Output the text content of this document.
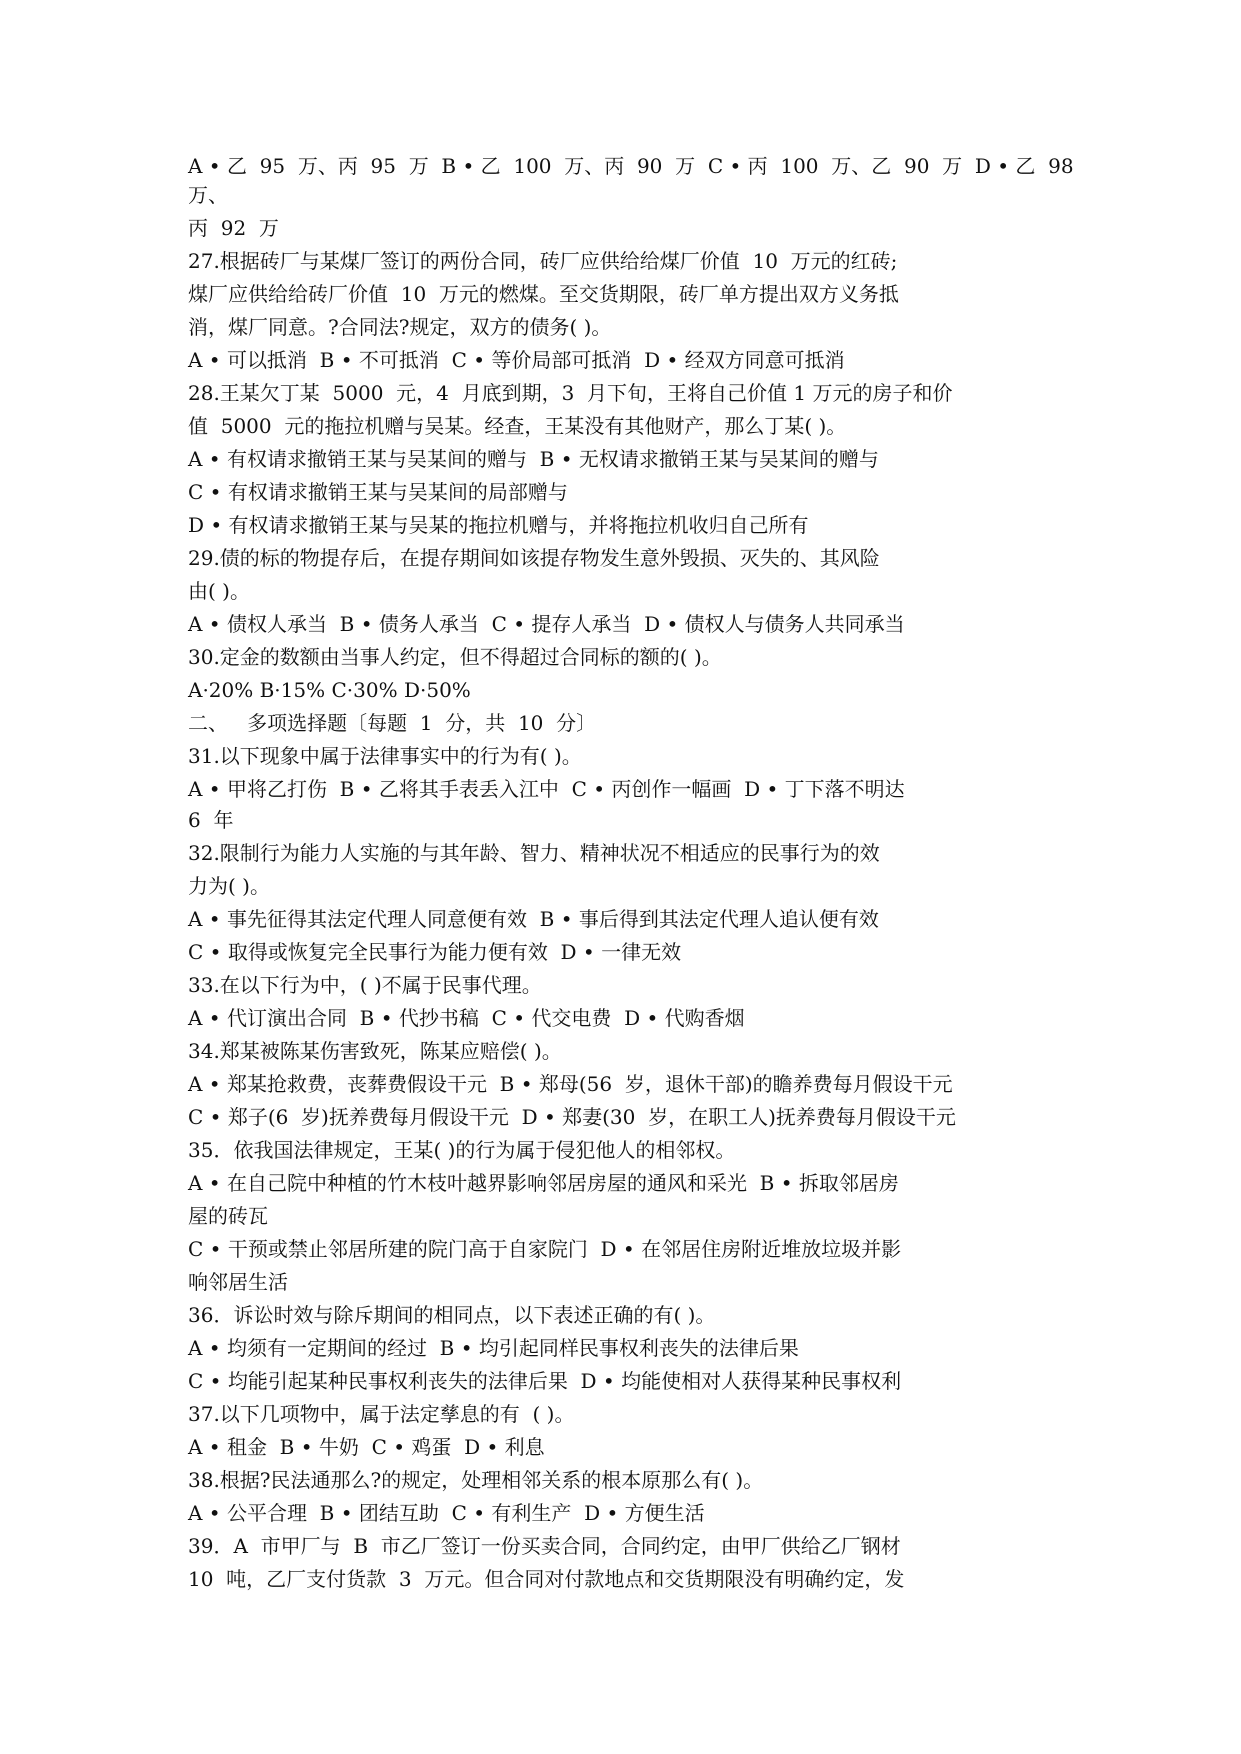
A • 乙  95  万、丙  95  万  B • 乙  100  万、丙  90  万  C • 丙  100  万、乙  90  万  D • 乙  98
万、
丙  92  万
27.根据砖厂与某煤厂签订的两份合同，砖厂应供给给煤厂价值  10  万元的红砖;
煤厂应供给给砖厂价值  10  万元的燃煤。至交货期限，砖厂单方提出双方义务抵
消，煤厂同意。?合同法?规定，双方的债务( )。
A • 可以抵消  B • 不可抵消  C • 等价局部可抵消  D • 经双方同意可抵消
28.王某欠丁某  5000  元，4  月底到期，3  月下旬，王将自己价值 1 万元的房子和价
值  5000  元的拖拉机赠与吴某。经查，王某没有其他财产，那么丁某( )。
A • 有权请求撤销王某与吴某间的赠与  B • 无权请求撤销王某与吴某间的赠与
C • 有权请求撤销王某与吴某间的局部赠与
D • 有权请求撤销王某与吴某的拖拉机赠与，并将拖拉机收归自己所有
29.债的标的物提存后，在提存期间如该提存物发生意外毁损、灭失的、其风险
由( )。
A • 债权人承当  B • 债务人承当  C • 提存人承当  D • 债权人与债务人共同承当
30.定金的数额由当事人约定，但不得超过合同标的额的( )。
A·20% B·15% C·30% D·50%
二、   多项选择题〔每题  1  分，共  10  分〕
31.以下现象中属于法律事实中的行为有( )。
A • 甲将乙打伤  B • 乙将其手表丢入江中  C • 丙创作一幅画  D • 丁下落不明达
6  年
32.限制行为能力人实施的与其年龄、智力、精神状况不相适应的民事行为的效
力为( )。
A • 事先征得其法定代理人同意便有效  B • 事后得到其法定代理人追认便有效
C • 取得或恢复完全民事行为能力便有效  D • 一律无效
33.在以下行为中，( )不属于民事代理。
A • 代订演出合同  B • 代抄书稿  C • 代交电费  D • 代购香烟
34.郑某被陈某伤害致死，陈某应赔偿( )。
A • 郑某抢救费，丧葬费假设干元  B • 郑母(56  岁，退休干部)的瞻养费每月假设干元
C • 郑子(6  岁)抚养费每月假设干元  D • 郑妻(30  岁，在职工人)抚养费每月假设干元
35．依我国法律规定，王某( )的行为属于侵犯他人的相邻权。
A • 在自己院中种植的竹木枝叶越界影响邻居房屋的通风和采光  B • 拆取邻居房
屋的砖瓦
C • 干预或禁止邻居所建的院门高于自家院门  D • 在邻居住房附近堆放垃圾并影
响邻居生活
36．诉讼时效与除斥期间的相同点，以下表述正确的有( )。
A • 均须有一定期间的经过  B • 均引起同样民事权利丧失的法律后果
C • 均能引起某种民事权利丧失的法律后果  D • 均能使相对人获得某种民事权利
37.以下几项物中，属于法定孳息的有  ( )。
A • 租金  B • 牛奶  C • 鸡蛋  D • 利息
38.根据?民法通那么?的规定，处理相邻关系的根本原那么有( )。
A • 公平合理  B • 团结互助  C • 有利生产  D • 方便生活
39．A  市甲厂与  B  市乙厂签订一份买卖合同，合同约定，由甲厂供给乙厂钢材
10  吨，乙厂支付货款  3  万元。但合同对付款地点和交货期限没有明确约定，发
